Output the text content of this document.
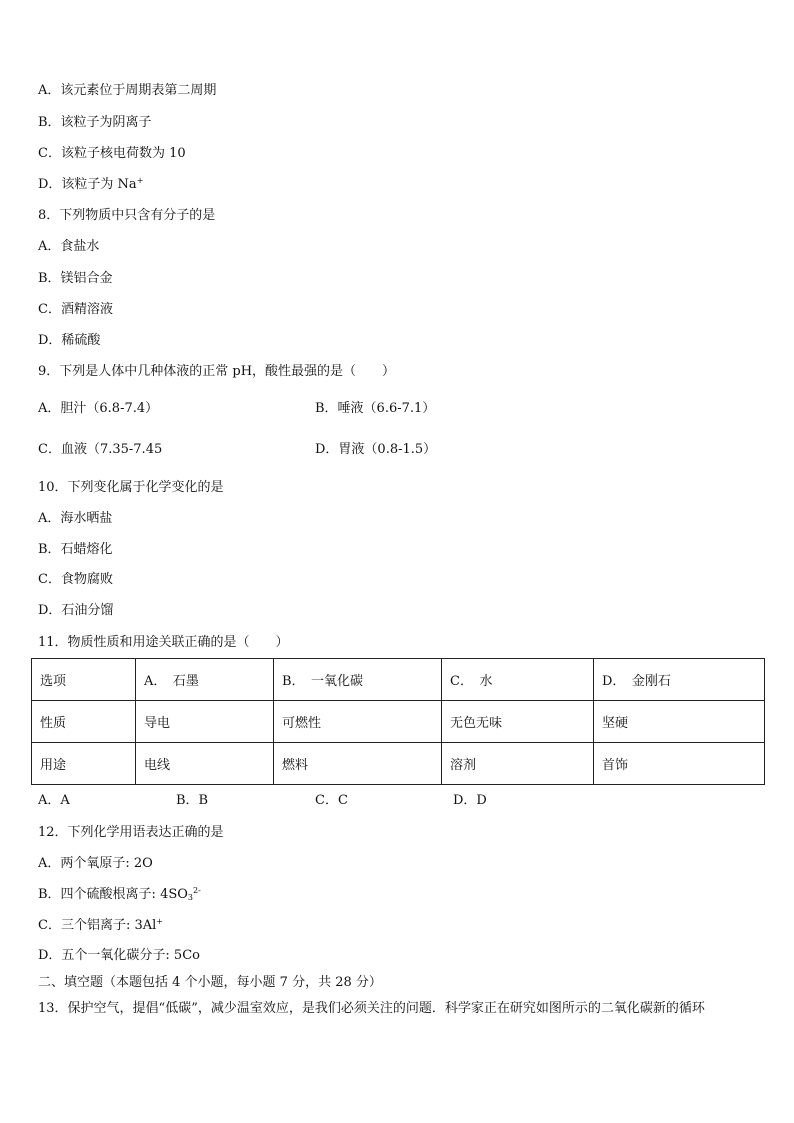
A．该元素位于周期表第二周期
B．该粒子为阴离子
C．该粒子核电荷数为 10
D．该粒子为 Na+
8．下列物质中只含有分子的是
A．食盐水
B．镁铝合金
C．酒精溶液
D．稀硫酸
9．下列是人体中几种体液的正常 pH，酸性最强的是（　　）
A．胆汁（6.8-7.4）	B．唾液（6.6-7.1）
C．血液（7.35-7.45	D．胃液（0.8-1.5）
10．下列变化属于化学变化的是
A．海水晒盐
B．石蜡熔化
C．食物腐败
D．石油分馏
11．物质性质和用途关联正确的是（　　）
选项	A．　石墨	B．　一氧化碳	C．　水	D．　金刚石
性质	导电	可燃性	无色无味	坚硬
用途	电线	燃料	溶剂	首饰
A．A	B．B	C．C	D．D
12．下列化学用语表达正确的是
A．两个氧原子: 2O
B．四个硫酸根离子: $4SO_3^{2-}$
C．三个铝离子: 3Al+
D．五个一氧化碳分子: 5Co
二、填空题（本题包括 4 个小题，每小题 7 分，共 28 分）
13．保护空气，提倡“低碳”，减少温室效应，是我们必须关注的问题．科学家正在研究如图所示的二氧化碳新的循环
